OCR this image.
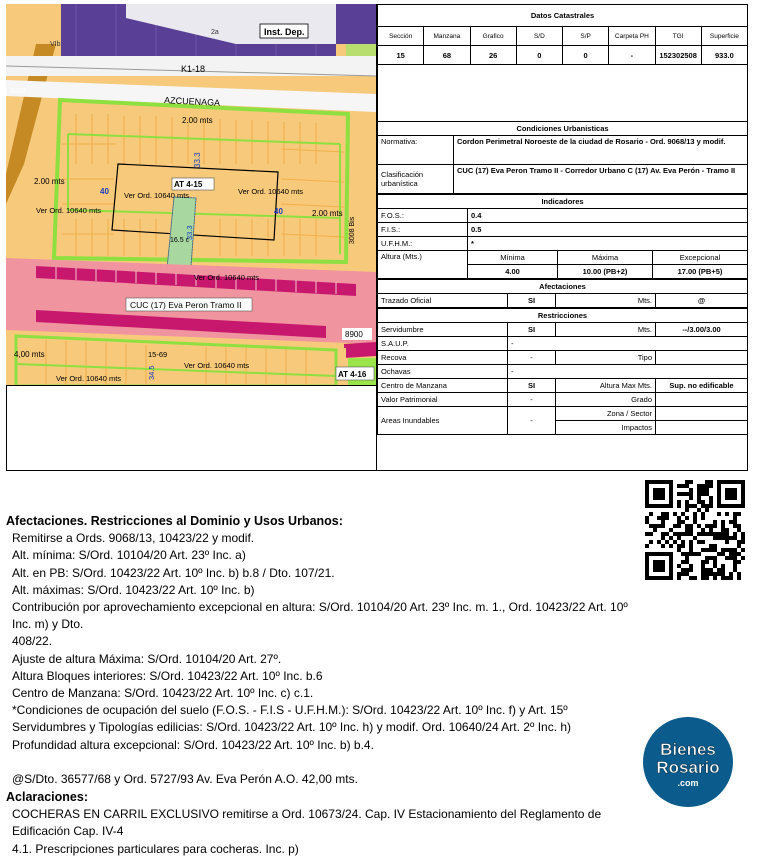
2a	Inst. Dep.
VIb
K1-18
9100
AZCUENAGA
2.00 mts
33.3
2.00 mts
40
AT 4-15
Ver Ord. 10640 mts	Ver Ord. 10640 mts
40
Ver Ord. 10640 mts	2.00 mts
3008 Bis
33.3
16.5 c
Ver Ord. 10640 mts
CUC (17) Eva Peron Tramo II
8900
4,00 mts	15-69
34.5	Ver Ord. 10640 mts
Ver Ord. 10640 mts	AT 4-16
Datos Catastrales							
Sección	Manzana	Grafico	S/D	S/P	Carpeta PH	TGI	Superficie
15	68	26	0	0	-	152302508	933.0

Condiciones Urbanisticas	
Normativa:	Cordon Perimetral Noroeste de la ciudad de Rosario - Ord. 9068/13 y modif.

Clasificación
urbanística	CUC (17) Eva Peron Tramo II - Corredor Urbano C (17) Av. Eva Perón - Tramo II
Indicadores			
F.O.S.:	0.4		
F.I.S.:	0.5		
U.F.H.M.:	*		
Altura (Mts.)	Mínima	Máxima	Excepcional
	4.00	10.00 (PB+2)	17.00 (PB+5)
Afectaciones
Trazado Oficial	SI	Mts.	@
Restricciones			
Servidumbre	SI	Mts.	--/3.00/3.00
S.A.U.P.	-		
Recova	-	Tipo	
Ochavas	-		
Centro de Manzana	SI	Altura Max Mts.	Sup. no edificable
Valor Patrimonial	-	Grado	
Areas Inundables	-	Zona / Sector	
		Impactos	
Afectaciones. Restricciones al Dominio y Usos Urbanos:
Remitirse a Ords. 9068/13, 10423/22 y modif.
Alt. mínima: S/Ord. 10104/20 Art. 23º Inc. a)
Alt. en PB: S/Ord. 10423/22 Art. 10º Inc. b) b.8 / Dto. 107/21.
Alt. máximas: S/Ord. 10423/22 Art. 10º Inc. b)
Contribución por aprovechamiento excepcional en altura: S/Ord. 10104/20 Art. 23º Inc. m. 1., Ord. 10423/22 Art. 10º Inc. m) y Dto.
408/22.
Ajuste de altura Máxima: S/Ord. 10104/20 Art. 27º.
Altura Bloques interiores: S/Ord. 10423/22 Art. 10º Inc. b.6
Centro de Manzana: S/Ord. 10423/22 Art. 10º Inc. c) c.1.
*Condiciones de ocupación del suelo (F.O.S. - F.I.S - U.F.H.M.): S/Ord. 10423/22 Art. 10º Inc. f) y Art. 15º
Servidumbres y Tipologías edilicias: S/Ord. 10423/22 Art. 10º Inc. h) y modif. Ord. 10640/24 Art. 2º Inc. h)
Profundidad altura excepcional: S/Ord. 10423/22 Art. 10º Inc. b) b.4.
@S/Dto. 36577/68 y Ord. 5727/93 Av. Eva Perón A.O. 42,00 mts.
Aclaraciones:
COCHERAS EN CARRIL EXCLUSIVO remitirse a Ord. 10673/24. Cap. IV Estacionamiento del Reglamento de Edificación Cap. IV-4
4.1. Prescripciones particulares para cocheras. Inc. p)
Bienes
Rosario
.com
